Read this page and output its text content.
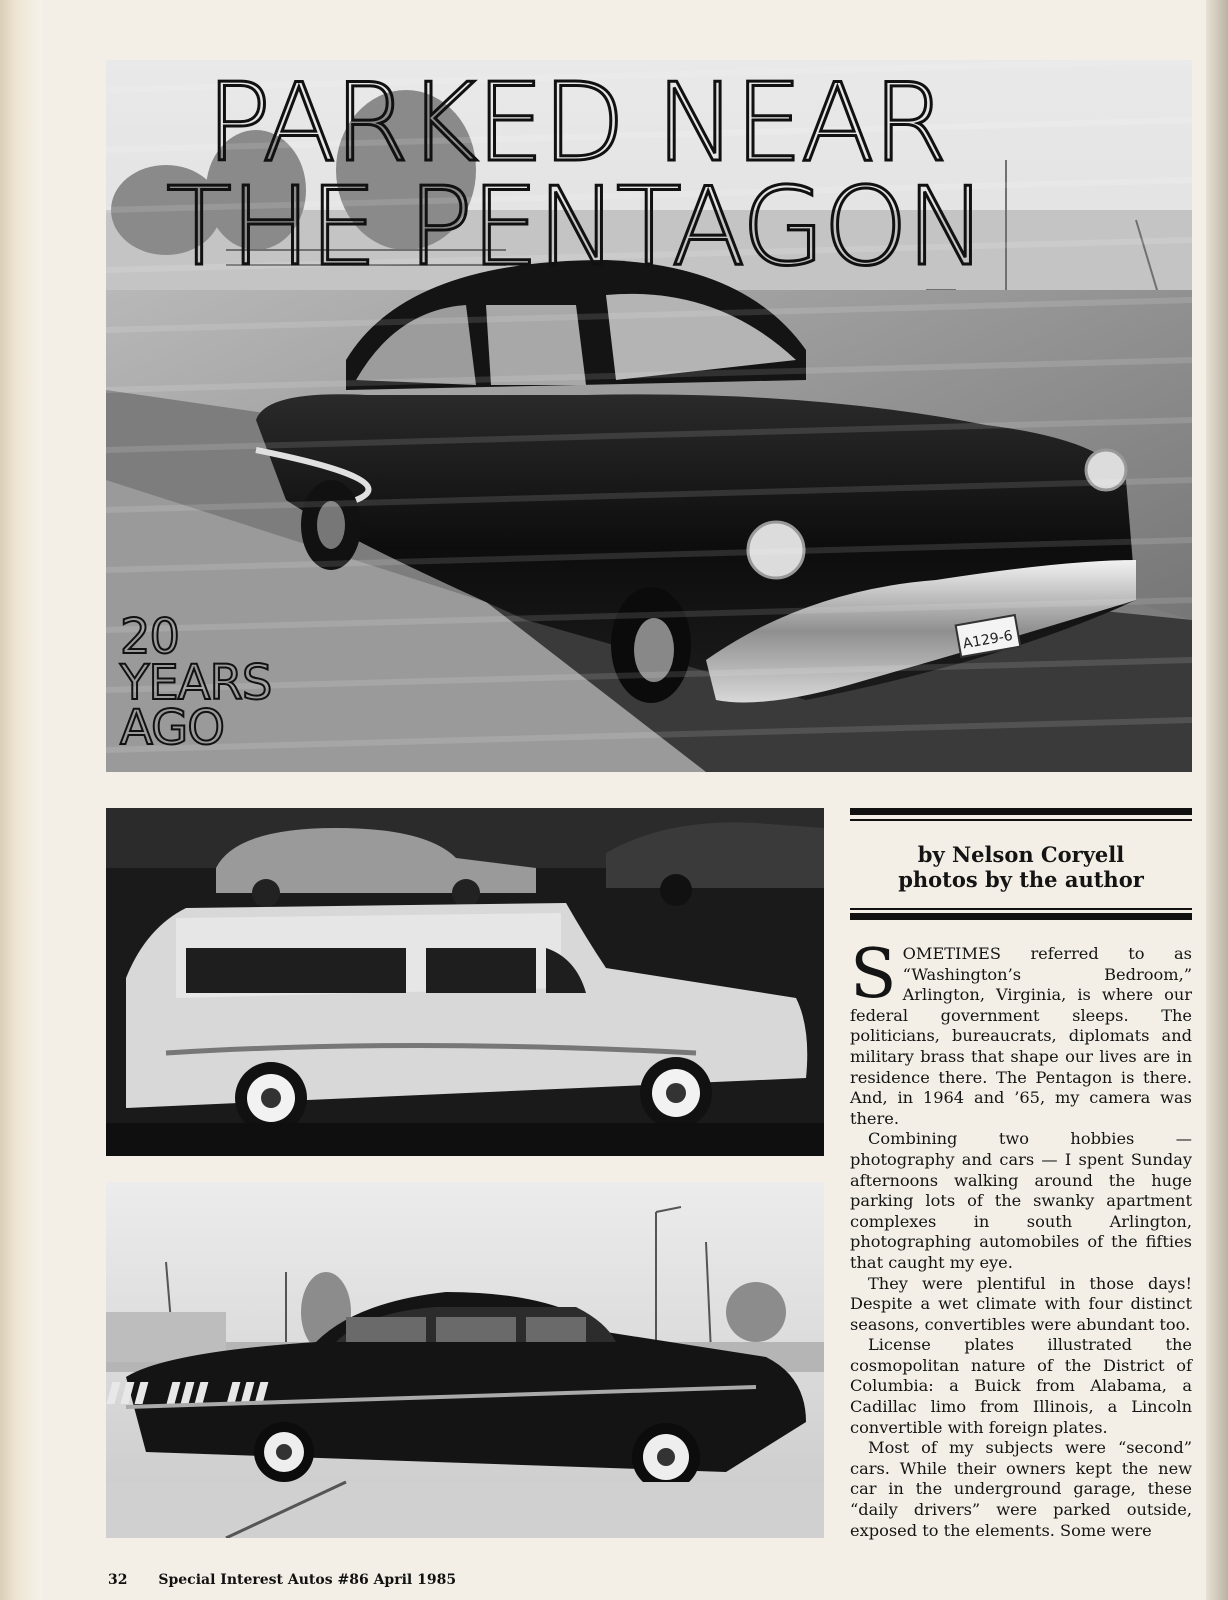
A129-6
PARKED NEAR
THE PENTAGON
20
YEARS
AGO
by Nelson Coryell
photos by the author

SOMETIMES referred to as “Washington’s Bedroom,” Arlington, Virginia, is where our federal government sleeps. The politicians, bureaucrats, diplomats and military brass that shape our lives are in residence there. The Pentagon is there. And, in 1964 and ’65, my camera was there.

Combining two hobbies — photography and cars — I spent Sunday afternoons walking around the huge parking lots of the swanky apartment complexes in south Arlington, photographing automobiles of the fifties that caught my eye.

They were plentiful in those days! Despite a wet climate with four distinct seasons, convertibles were abundant too.

License plates illustrated the cosmopolitan nature of the District of Columbia: a Buick from Alabama, a Cadillac limo from Illinois, a Lincoln convertible with foreign plates.

Most of my subjects were “second” cars. While their owners kept the new car in the underground garage, these “daily drivers” were parked outside, exposed to the elements. Some were

32 Special Interest Autos #86 April 1985
